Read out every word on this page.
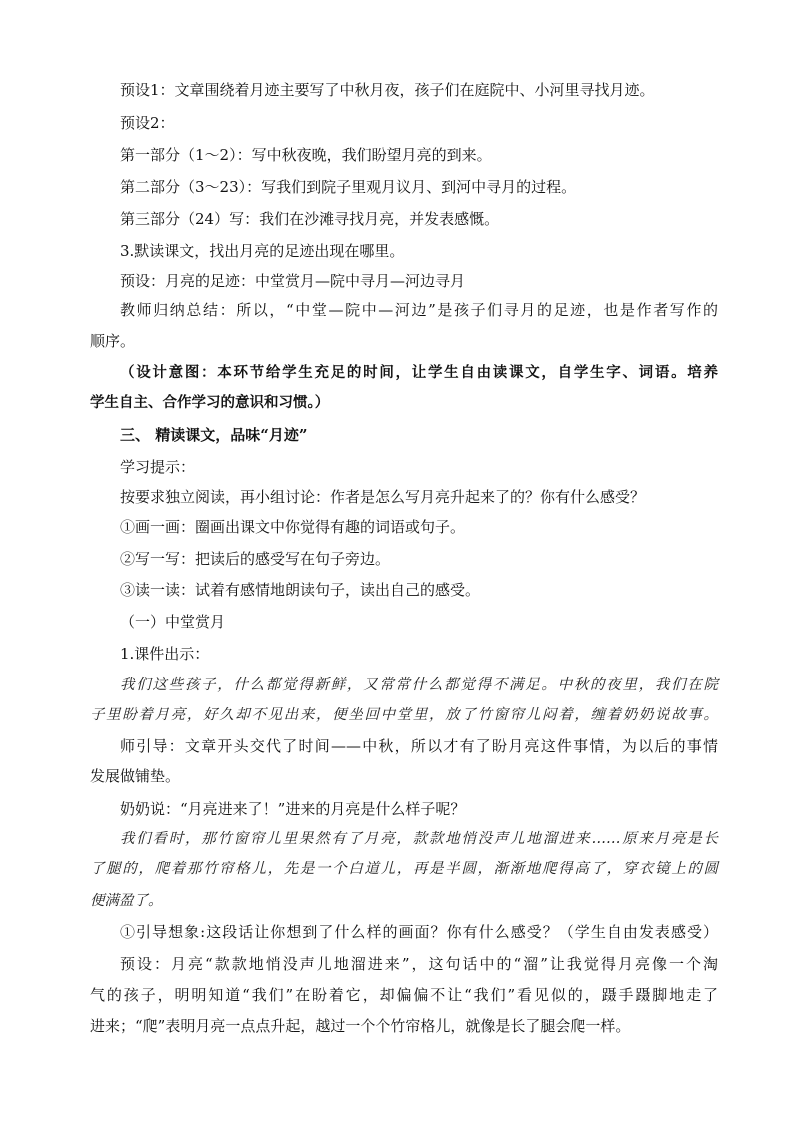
预设1：文章围绕着月迹主要写了中秋月夜，孩子们在庭院中、小河里寻找月迹。
预设2：
第一部分（1～2）：写中秋夜晚，我们盼望月亮的到来。
第二部分（3～23）：写我们到院子里观月议月、到河中寻月的过程。
第三部分（24）写：我们在沙滩寻找月亮，并发表感慨。
3.默读课文，找出月亮的足迹出现在哪里。
预设：月亮的足迹：中堂赏月—院中寻月—河边寻月
教师归纳总结：所以，“中堂—院中—河边”是孩子们寻月的足迹，也是作者写作的
顺序。
（设计意图：本环节给学生充足的时间，让学生自由读课文，自学生字、词语。培养
学生自主、合作学习的意识和习惯。）
三、 精读课文，品味“月迹”
学习提示：
按要求独立阅读，再小组讨论：作者是怎么写月亮升起来了的？你有什么感受？
①画一画：圈画出课文中你觉得有趣的词语或句子。
②写一写：把读后的感受写在句子旁边。
③读一读：试着有感情地朗读句子，读出自己的感受。
（一）中堂赏月
1.课件出示：
我们这些孩子，什么都觉得新鲜，又常常什么都觉得不满足。中秋的夜里，我们在院
子里盼着月亮，好久却不见出来，便坐回中堂里，放了竹窗帘儿闷着，缠着奶奶说故事。
师引导：文章开头交代了时间——中秋，所以才有了盼月亮这件事情，为以后的事情
发展做铺垫。
奶奶说：“月亮进来了！”进来的月亮是什么样子呢？
我们看时，那竹窗帘儿里果然有了月亮，款款地悄没声儿地溜进来……原来月亮是长
了腿的，爬着那竹帘格儿，先是一个白道儿，再是半圆，渐渐地爬得高了，穿衣镜上的圆
便满盈了。
①引导想象:这段话让你想到了什么样的画面？你有什么感受？（学生自由发表感受）
预设：月亮“款款地悄没声儿地溜进来”，这句话中的“溜”让我觉得月亮像一个淘
气的孩子，明明知道“我们”在盼着它，却偏偏不让“我们”看见似的，蹑手蹑脚地走了
进来；“爬”表明月亮一点点升起，越过一个个竹帘格儿，就像是长了腿会爬一样。
